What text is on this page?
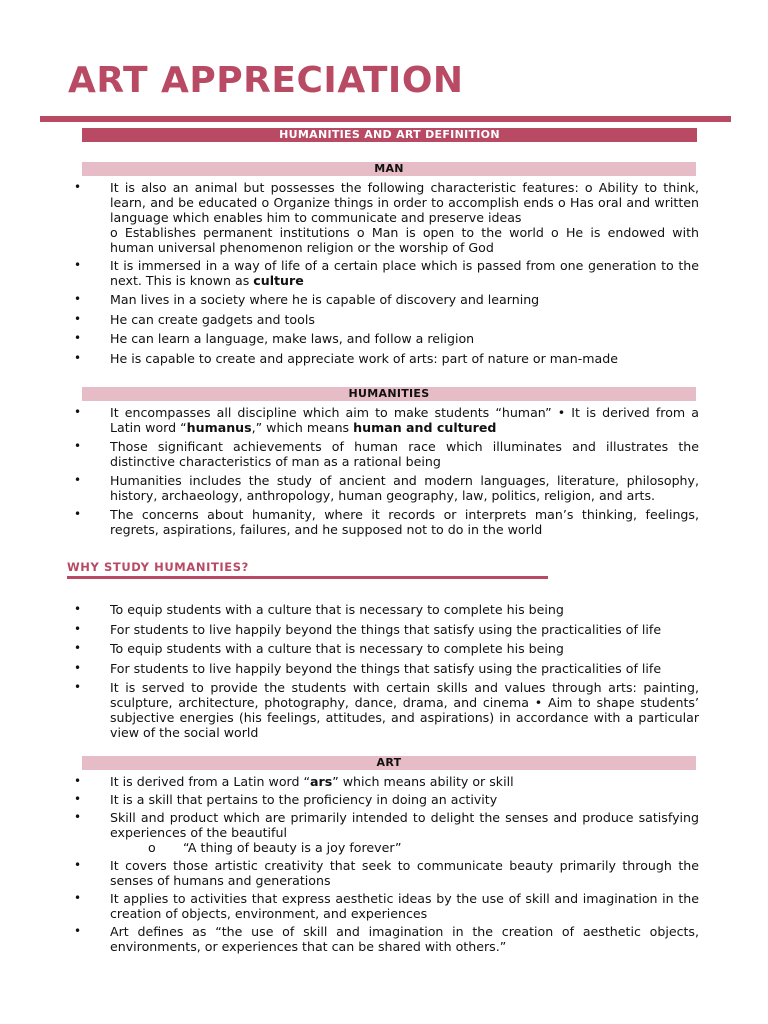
ART APPRECIATION
HUMANITIES AND ART DEFINITION
MAN
• It is also an animal but possesses the following characteristic features: o Ability to think, learn, and be educated o Organize things in order to accomplish ends o Has oral and written language which enables him to communicate and preserve ideas
o Establishes permanent institutions o Man is open to the world o He is endowed with human universal phenomenon religion or the worship of God
• It is immersed in a way of life of a certain place which is passed from one generation to the next. This is known as culture
• Man lives in a society where he is capable of discovery and learning
• He can create gadgets and tools
• He can learn a language, make laws, and follow a religion
• He is capable to create and appreciate work of arts: part of nature or man-made
HUMANITIES
• It encompasses all discipline which aim to make students “human” • It is derived from a Latin word “humanus,” which means human and cultured
• Those significant achievements of human race which illuminates and illustrates the distinctive characteristics of man as a rational being
• Humanities includes the study of ancient and modern languages, literature, philosophy, history, archaeology, anthropology, human geography, law, politics, religion, and arts.
• The concerns about humanity, where it records or interprets man’s thinking, feelings, regrets, aspirations, failures, and he supposed not to do in the world
WHY STUDY HUMANITIES?
• To equip students with a culture that is necessary to complete his being
• For students to live happily beyond the things that satisfy using the practicalities of life
• To equip students with a culture that is necessary to complete his being
• For students to live happily beyond the things that satisfy using the practicalities of life
• It is served to provide the students with certain skills and values through arts: painting, sculpture, architecture, photography, dance, drama, and cinema • Aim to shape students’ subjective energies (his feelings, attitudes, and aspirations) in accordance with a particular view of the social world
ART
• It is derived from a Latin word “ars” which means ability or skill
• It is a skill that pertains to the proficiency in doing an activity
• Skill and product which are primarily intended to delight the senses and produce satisfying experiences of the beautiful
o “A thing of beauty is a joy forever”
• It covers those artistic creativity that seek to communicate beauty primarily through the senses of humans and generations
• It applies to activities that express aesthetic ideas by the use of skill and imagination in the creation of objects, environment, and experiences
• Art defines as “the use of skill and imagination in the creation of aesthetic objects, environments, or experiences that can be shared with others.”
